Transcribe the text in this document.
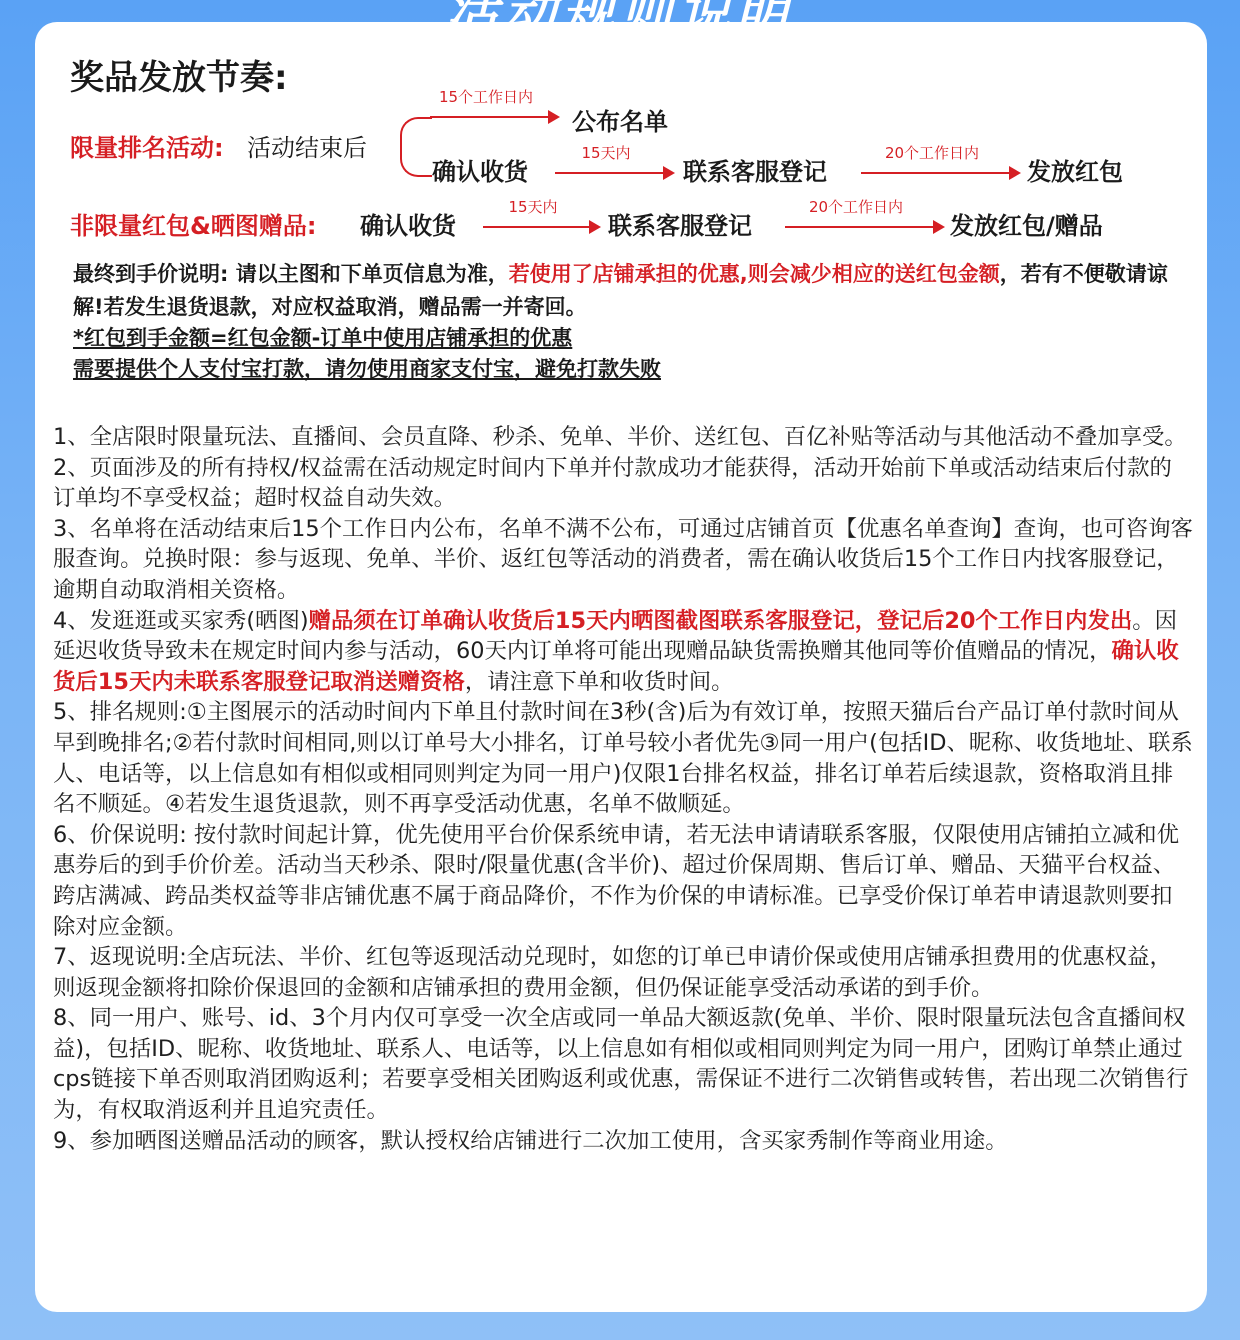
奖品发放节奏:
限量排名活动: 活动结束后
15个工作日内
公布名单
确认收货
15天内
联系客服登记
20个工作日内
发放红包
非限量红包&晒图赠品: 确认收货
15天内
联系客服登记
20个工作日内
发放红包/赠品
最终到手价说明: 请以主图和下单页信息为准，若使用了店铺承担的优惠,则会减少相应的送红包金额，若有不便敬请谅解!若发生退货退款，对应权益取消，赠品需一并寄回。
*红包到手金额=红包金额-订单中使用店铺承担的优惠
需要提供个人支付宝打款，请勿使用商家支付宝，避免打款失败

1、全店限时限量玩法、直播间、会员直降、秒杀、免单、半价、送红包、百亿补贴等活动与其他活动不叠加享受。

2、页面涉及的所有持权/权益需在活动规定时间内下单并付款成功才能获得，活动开始前下单或活动结束后付款的订单均不享受权益；超时权益自动失效。

3、名单将在活动结束后15个工作日内公布，名单不满不公布，可通过店铺首页【优惠名单查询】查询，也可咨询客服查询。兑换时限：参与返现、免单、半价、返红包等活动的消费者，需在确认收货后15个工作日内找客服登记，逾期自动取消相关资格。

4、发逛逛或买家秀(晒图)赠品须在订单确认收货后15天内晒图截图联系客服登记，登记后20个工作日内发出。因延迟收货导致未在规定时间内参与活动，60天内订单将可能出现赠品缺货需换赠其他同等价值赠品的情况，确认收货后15天内未联系客服登记取消送赠资格，请注意下单和收货时间。

5、排名规则:①主图展示的活动时间内下单且付款时间在3秒(含)后为有效订单，按照天猫后台产品订单付款时间从早到晚排名;②若付款时间相同,则以订单号大小排名，订单号较小者优先③同一用户(包括ID、昵称、收货地址、联系人、电话等，以上信息如有相似或相同则判定为同一用户)仅限1台排名权益，排名订单若后续退款，资格取消且排名不顺延。④若发生退货退款，则不再享受活动优惠，名单不做顺延。

6、价保说明: 按付款时间起计算，优先使用平台价保系统申请，若无法申请请联系客服，仅限使用店铺拍立减和优惠券后的到手价价差。活动当天秒杀、限时/限量优惠(含半价)、超过价保周期、售后订单、赠品、天猫平台权益、跨店满减、跨品类权益等非店铺优惠不属于商品降价，不作为价保的申请标准。已享受价保订单若申请退款则要扣除对应金额。

7、返现说明:全店玩法、半价、红包等返现活动兑现时，如您的订单已申请价保或使用店铺承担费用的优惠权益，则返现金额将扣除价保退回的金额和店铺承担的费用金额，但仍保证能享受活动承诺的到手价。

8、同一用户、账号、id、3个月内仅可享受一次全店或同一单品大额返款(免单、半价、限时限量玩法包含直播间权益)，包括ID、昵称、收货地址、联系人、电话等，以上信息如有相似或相同则判定为同一用户，团购订单禁止通过cps链接下单否则取消团购返利；若要享受相关团购返利或优惠，需保证不进行二次销售或转售，若出现二次销售行为，有权取消返利并且追究责任。

9、参加晒图送赠品活动的顾客，默认授权给店铺进行二次加工使用，含买家秀制作等商业用途。
